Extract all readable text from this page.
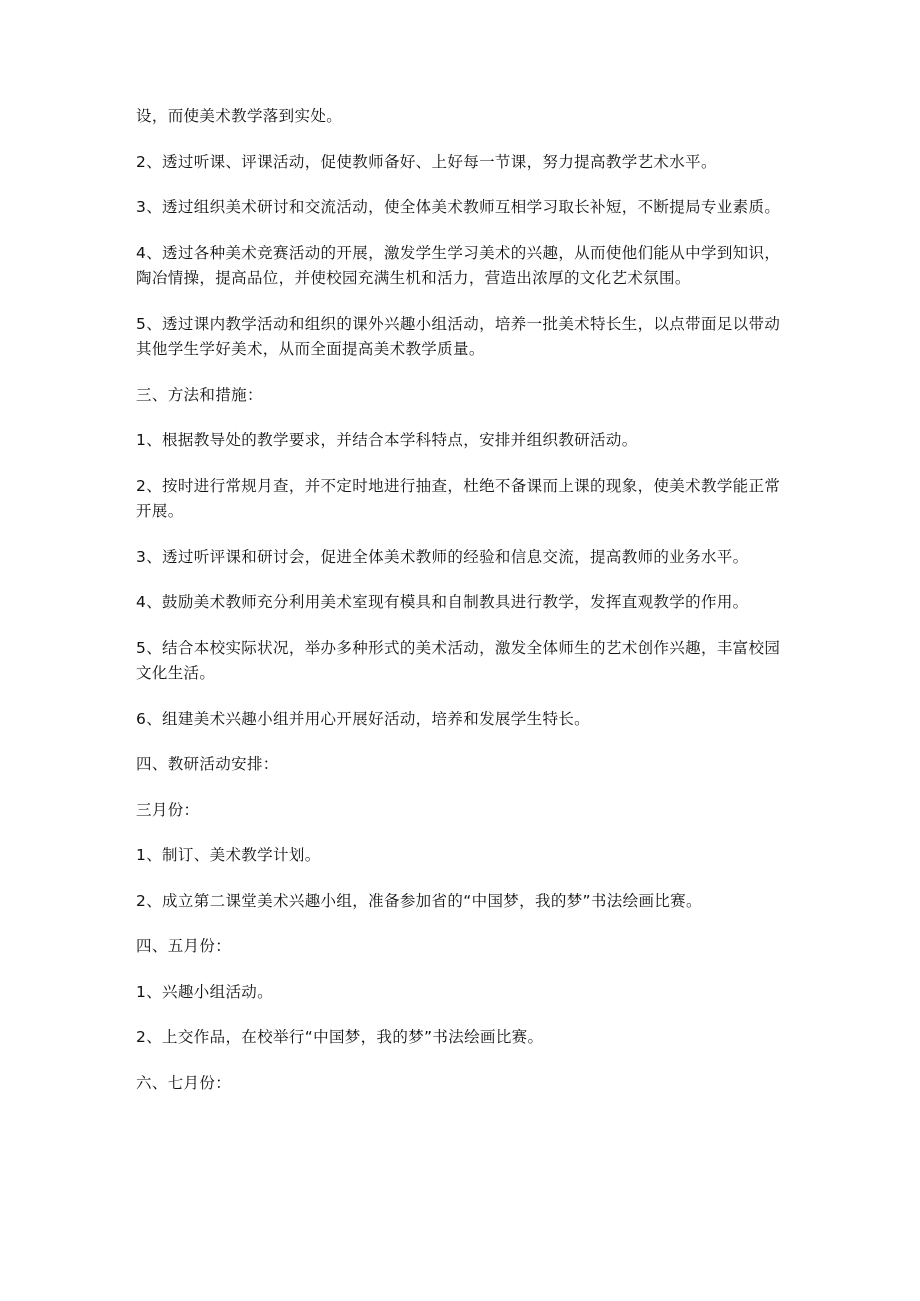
设，而使美术教学落到实处。

2、透过听课、评课活动，促使教师备好、上好每一节课，努力提高教学艺术水平。

3、透过组织美术研讨和交流活动，使全体美术教师互相学习取长补短，不断提局专业素质。

4、透过各种美术竞赛活动的开展，激发学生学习美术的兴趣，从而使他们能从中学到知识，陶冶情操，提高品位，并使校园充满生机和活力，营造出浓厚的文化艺术氛围。

5、透过课内教学活动和组织的课外兴趣小组活动，培养一批美术特长生，以点带面足以带动其他学生学好美术，从而全面提高美术教学质量。

三、方法和措施：

1、根据教导处的教学要求，并结合本学科特点，安排并组织教研活动。

2、按时进行常规月查，并不定时地进行抽查，杜绝不备课而上课的现象，使美术教学能正常开展。

3、透过听评课和研讨会，促进全体美术教师的经验和信息交流，提高教师的业务水平。

4、鼓励美术教师充分利用美术室现有模具和自制教具进行教学，发挥直观教学的作用。

5、结合本校实际状况，举办多种形式的美术活动，激发全体师生的艺术创作兴趣，丰富校园文化生活。

6、组建美术兴趣小组并用心开展好活动，培养和发展学生特长。

四、教研活动安排：

三月份：

1、制订、美术教学计划。

2、成立第二课堂美术兴趣小组，准备参加省的“中国梦，我的梦”书法绘画比赛。

四、五月份：

1、兴趣小组活动。

2、上交作品，在校举行“中国梦，我的梦”书法绘画比赛。

六、七月份：
